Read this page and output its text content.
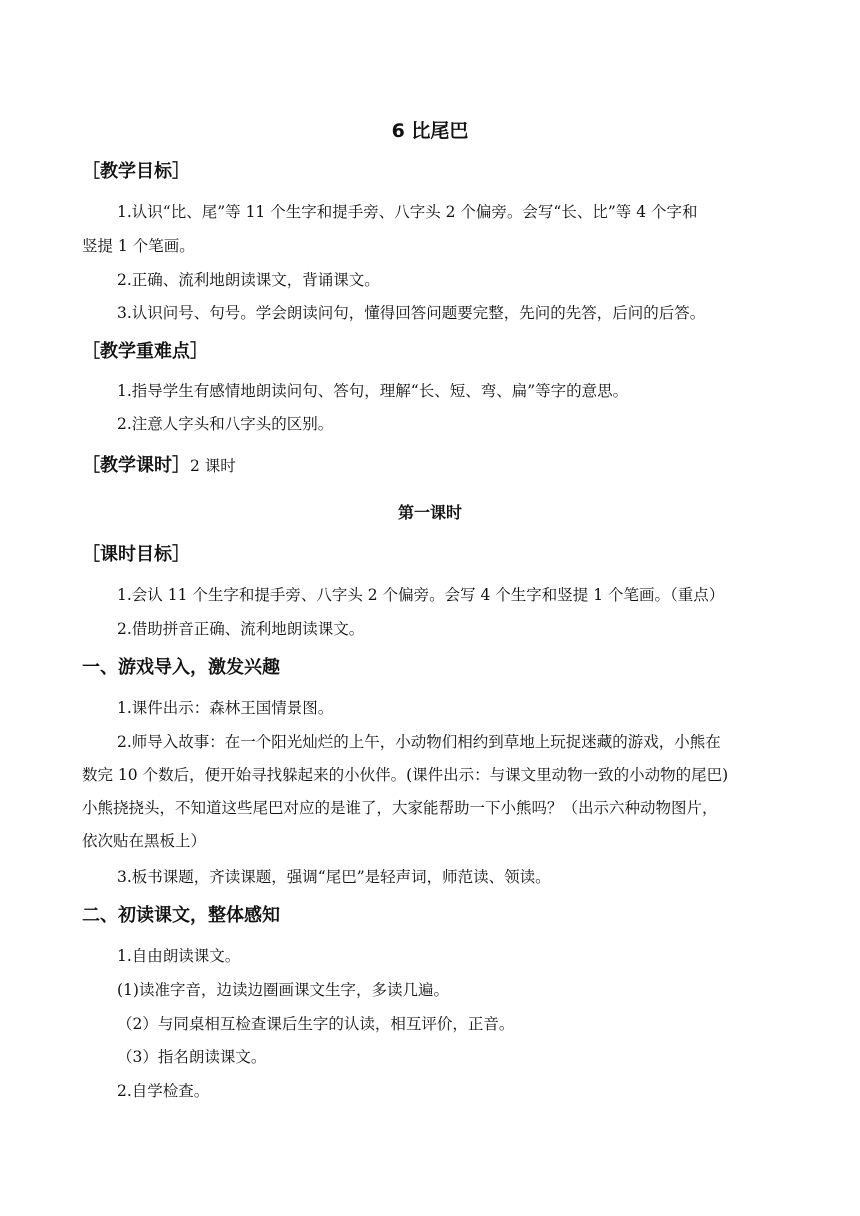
6 比尾巴
［教学目标］
1.认识“比、尾”等 11 个生字和提手旁、八字头 2 个偏旁。会写“长、比”等 4 个字和
竖提 1 个笔画。
2.正确、流利地朗读课文，背诵课文。
3.认识问号、句号。学会朗读问句，懂得回答问题要完整，先问的先答，后问的后答。
［教学重难点］
1.指导学生有感情地朗读问句、答句，理解“长、短、弯、扁”等字的意思。
2.注意人字头和八字头的区别。
［教学课时］2 课时
第一课时
［课时目标］
1.会认 11 个生字和提手旁、八字头 2 个偏旁。会写 4 个生字和竖提 1 个笔画。（重点）
2.借助拼音正确、流利地朗读课文。
一、游戏导入，激发兴趣
1.课件出示：森林王国情景图。
2.师导入故事：在一个阳光灿烂的上午，小动物们相约到草地上玩捉迷藏的游戏，小熊在
数完 10 个数后，便开始寻找躲起来的小伙伴。(课件出示：与课文里动物一致的小动物的尾巴)
小熊挠挠头，不知道这些尾巴对应的是谁了，大家能帮助一下小熊吗？（出示六种动物图片，
依次贴在黑板上）
3.板书课题，齐读课题，强调“尾巴”是轻声词，师范读、领读。
二、初读课文，整体感知
1.自由朗读课文。
(1)读准字音，边读边圈画课文生字，多读几遍。
（2）与同桌相互检查课后生字的认读，相互评价，正音。
（3）指名朗读课文。
2.自学检查。
